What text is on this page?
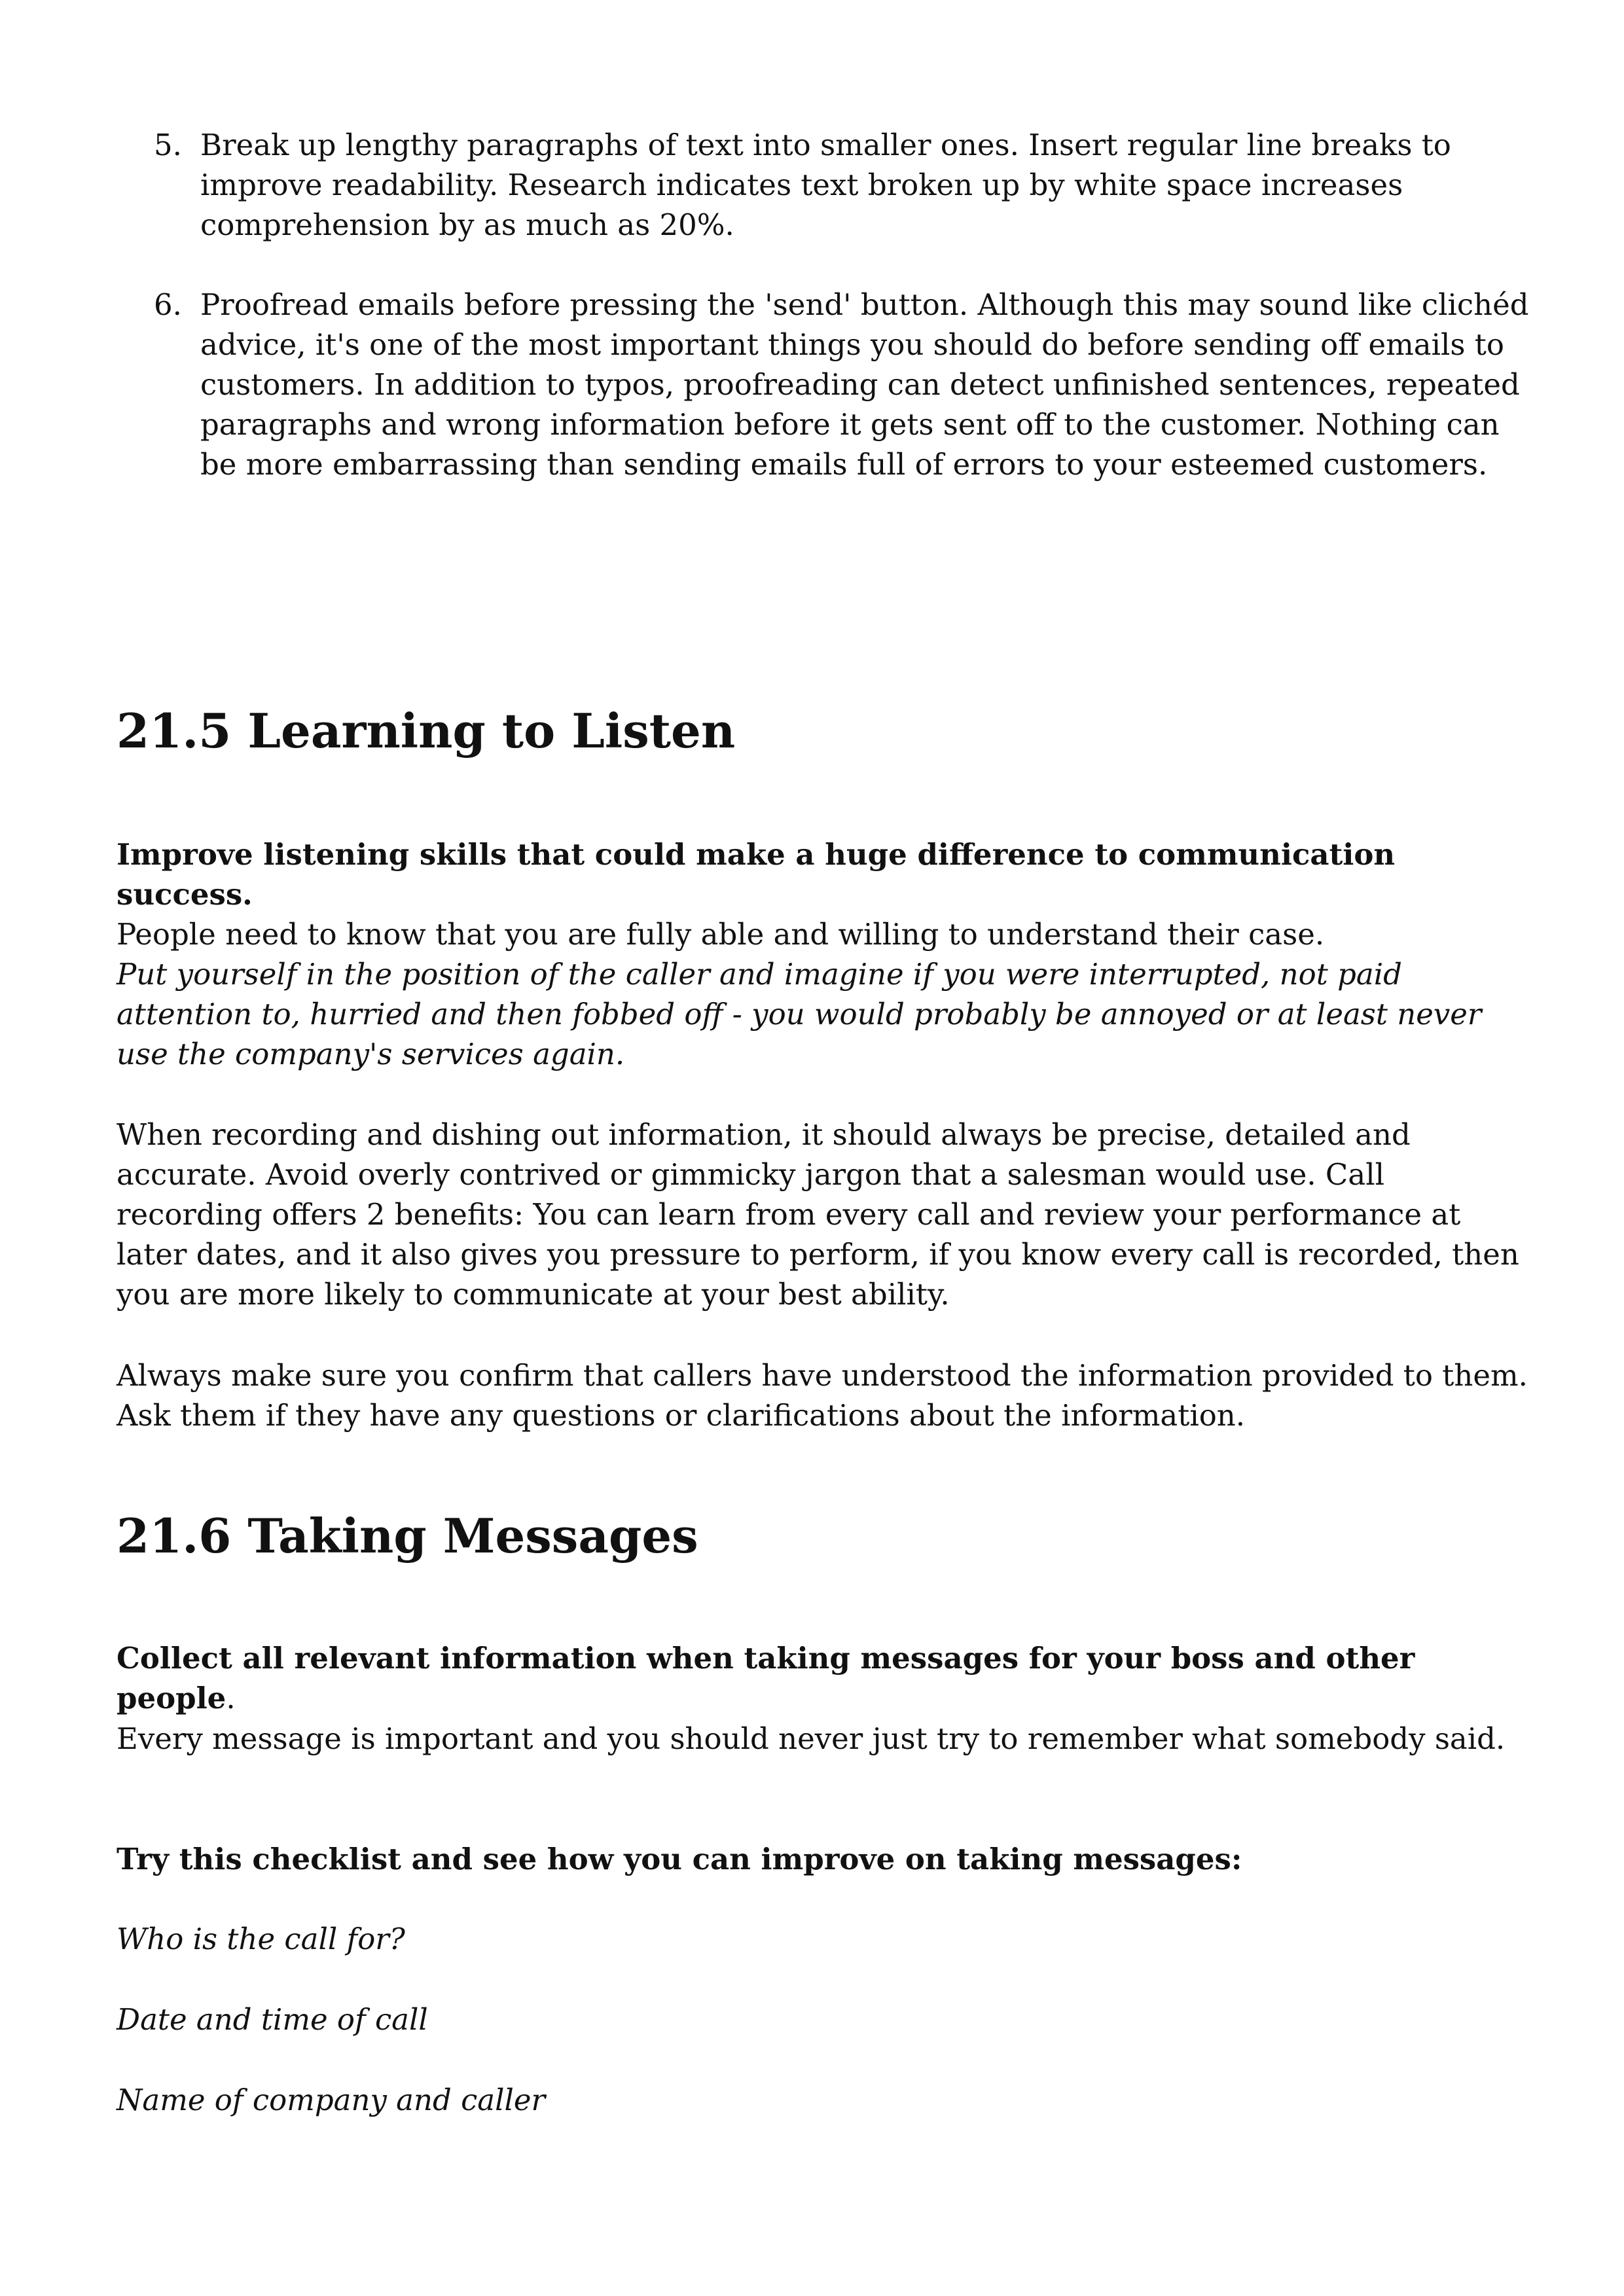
5. Break up lengthy paragraphs of text into smaller ones. Insert regular line breaks to improve readability. Research indicates text broken up by white space increases comprehension by as much as 20%.
6. Proofread emails before pressing the 'send' button. Although this may sound like clichéd advice, it's one of the most important things you should do before sending off emails to customers. In addition to typos, proofreading can detect unfinished sentences, repeated paragraphs and wrong information before it gets sent off to the customer. Nothing can be more embarrassing than sending emails full of errors to your esteemed customers.
21.5 Learning to Listen

Improve listening skills that could make a huge difference to communication success.

People need to know that you are fully able and willing to understand their case.

Put yourself in the position of the caller and imagine if you were interrupted, not paid attention to, hurried and then fobbed off - you would probably be annoyed or at least never use the company's services again.

When recording and dishing out information, it should always be precise, detailed and accurate. Avoid overly contrived or gimmicky jargon that a salesman would use. Call recording offers 2 benefits: You can learn from every call and review your performance at later dates, and it also gives you pressure to perform, if you know every call is recorded, then you are more likely to communicate at your best ability.

Always make sure you confirm that callers have understood the information provided to them. Ask them if they have any questions or clarifications about the information.

21.6 Taking Messages

Collect all relevant information when taking messages for your boss and other people.

Every message is important and you should never just try to remember what somebody said.

Try this checklist and see how you can improve on taking messages:

Who is the call for?

Date and time of call

Name of company and caller
